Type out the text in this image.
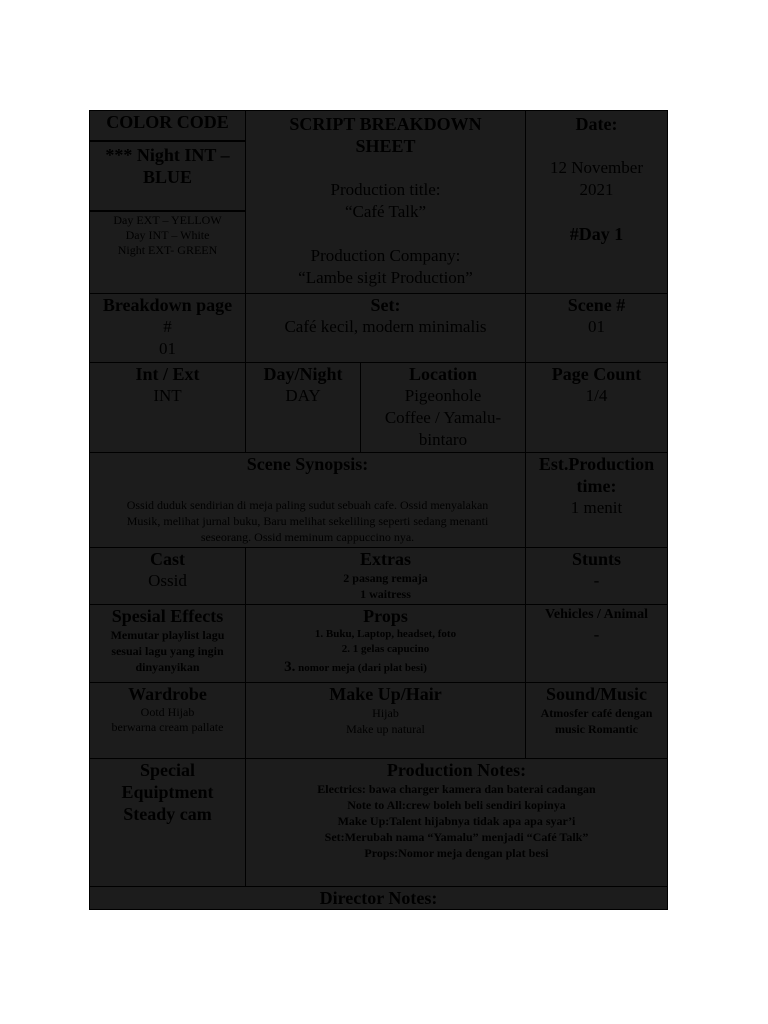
COLOR CODE
*** Night INT –
BLUE
Day EXT – YELLOW
Day INT – White
Night EXT- GREEN
SCRIPT BREAKDOWN
SHEET
Production title:
“Café Talk”
Production Company:
“Lambe sigit Production”
Date:
12 November
2021
#Day 1
Breakdown page
#
01
Set:
Café kecil, modern minimalis
Scene #
01
Int / Ext
INT
Day/Night
DAY
Location
Pigeonhole
Coffee / Yamalu-
bintaro
Page Count
1/4
Scene Synopsis:
Ossid duduk sendirian di meja paling sudut sebuah cafe. Ossid menyalakan
Musik, melihat jurnal buku, Baru melihat sekeliling seperti sedang menanti
seseorang. Ossid meminum cappuccino nya.
Est.Production
time:
1 menit
Cast
Ossid
Extras
2 pasang remaja
1 waitress
Stunts
-
Spesial Effects
Memutar playlist lagu
sesuai lagu yang ingin
dinyanyikan
Props
1. Buku, Laptop, headset, foto
2. 1 gelas capucino
3. nomor meja (dari plat besi)
Vehicles / Animal
-
Wardrobe
Ootd Hijab
berwarna cream pallate
Make Up/Hair
Hijab
Make up natural
Sound/Music
Atmosfer café dengan
music Romantic
Special
Equiptment
Steady cam
Production Notes:
Electrics: bawa charger kamera dan baterai cadangan
Note to All:crew boleh beli sendiri kopinya
Make Up:Talent hijabnya tidak apa apa syar’i
Set:Merubah nama “Yamalu” menjadi “Café Talk”
Props:Nomor meja dengan plat besi
Director Notes:
